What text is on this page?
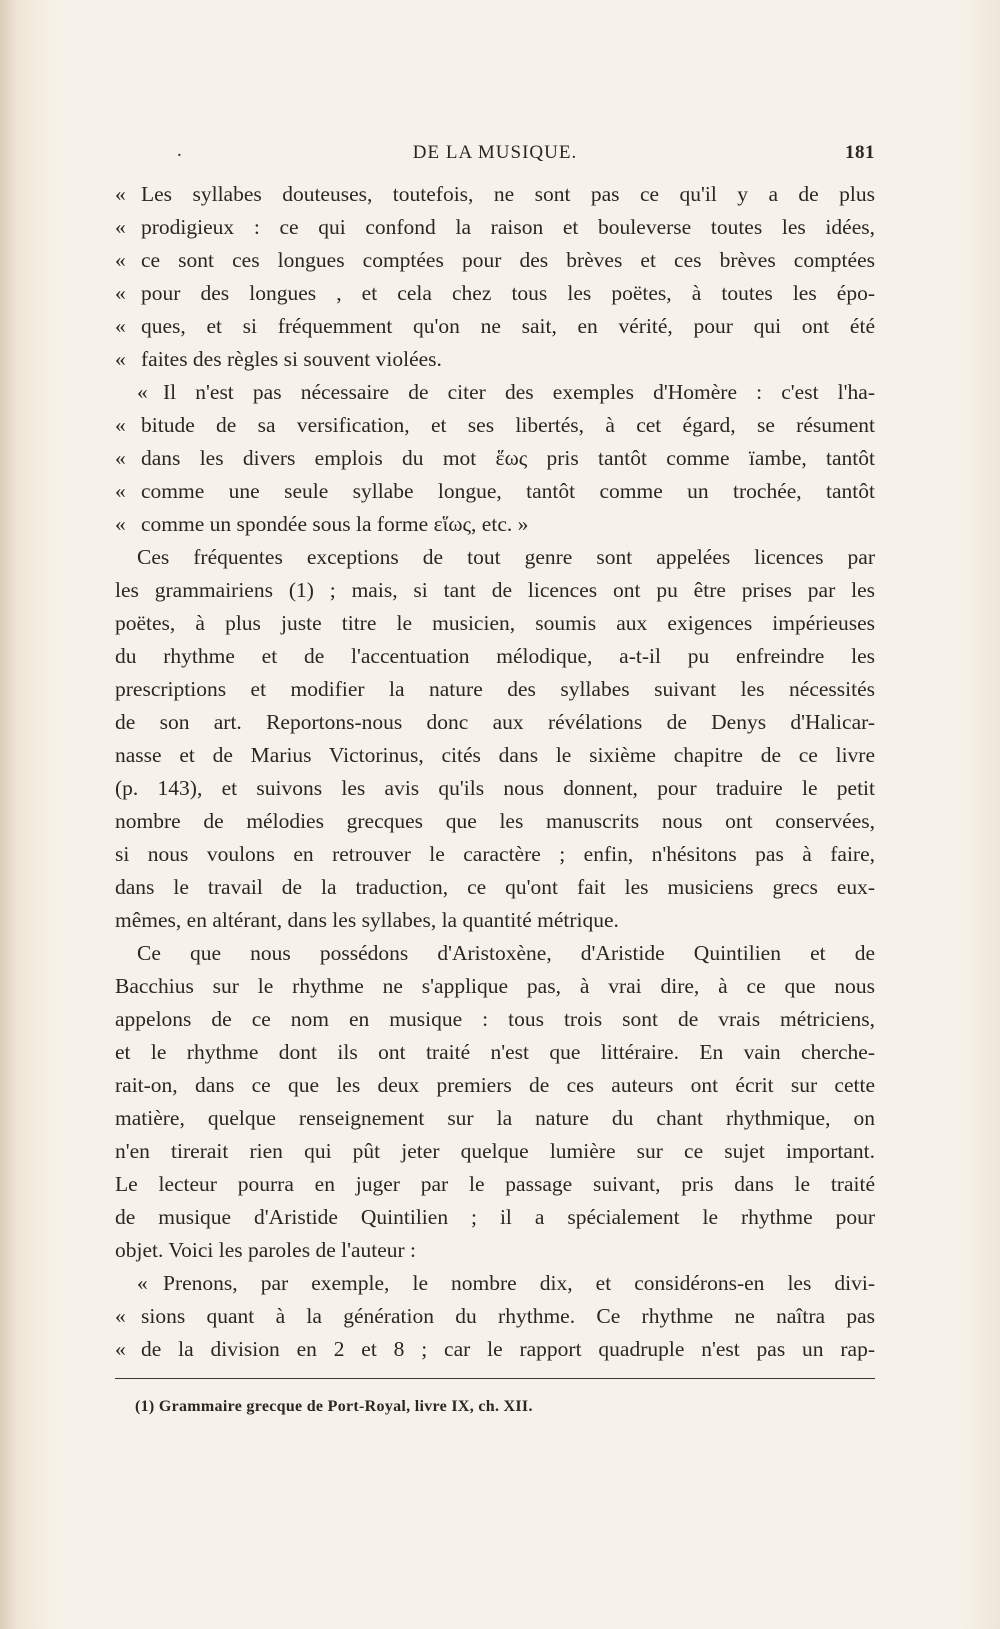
.	DE LA MUSIQUE.	181
« Les syllabes douteuses, toutefois, ne sont pas ce qu'il y a de plus
« prodigieux : ce qui confond la raison et bouleverse toutes les idées,
« ce sont ces longues comptées pour des brèves et ces brèves comptées
« pour des longues , et cela chez tous les poëtes, à toutes les épo-
« ques, et si fréquemment qu'on ne sait, en vérité, pour qui ont été
« faites des règles si souvent violées.
«Il n'est pas nécessaire de citer des exemples d'Homère : c'est l'ha-
« bitude de sa versification, et ses libertés, à cet égard, se résument
« dans les divers emplois du mot ἕως pris tantôt comme ïambe, tantôt
« comme une seule syllabe longue, tantôt comme un trochée, tantôt
« comme un spondée sous la forme εἵως, etc. »
Ces fréquentes exceptions de tout genre sont appelées licences par
les grammairiens (1) ; mais, si tant de licences ont pu être prises par les
poëtes, à plus juste titre le musicien, soumis aux exigences impérieuses
du rhythme et de l'accentuation mélodique, a-t-il pu enfreindre les
prescriptions et modifier la nature des syllabes suivant les nécessités
de son art. Reportons-nous donc aux révélations de Denys d'Halicar-
nasse et de Marius Victorinus, cités dans le sixième chapitre de ce livre
(p. 143), et suivons les avis qu'ils nous donnent, pour traduire le petit
nombre de mélodies grecques que les manuscrits nous ont conservées,
si nous voulons en retrouver le caractère ; enfin, n'hésitons pas à faire,
dans le travail de la traduction, ce qu'ont fait les musiciens grecs eux-
mêmes, en altérant, dans les syllabes, la quantité métrique.
Ce que nous possédons d'Aristoxène, d'Aristide Quintilien et de
Bacchius sur le rhythme ne s'applique pas, à vrai dire, à ce que nous
appelons de ce nom en musique : tous trois sont de vrais métriciens,
et le rhythme dont ils ont traité n'est que littéraire. En vain cherche-
rait-on, dans ce que les deux premiers de ces auteurs ont écrit sur cette
matière, quelque renseignement sur la nature du chant rhythmique, on
n'en tirerait rien qui pût jeter quelque lumière sur ce sujet important.
Le lecteur pourra en juger par le passage suivant, pris dans le traité
de musique d'Aristide Quintilien ; il a spécialement le rhythme pour
objet. Voici les paroles de l'auteur :
«Prenons, par exemple, le nombre dix, et considérons-en les divi-
« sions quant à la génération du rhythme. Ce rhythme ne naîtra pas
« de la division en 2 et 8 ; car le rapport quadruple n'est pas un rap-
(1) Grammaire grecque de Port-Royal, livre IX, ch. XII.
